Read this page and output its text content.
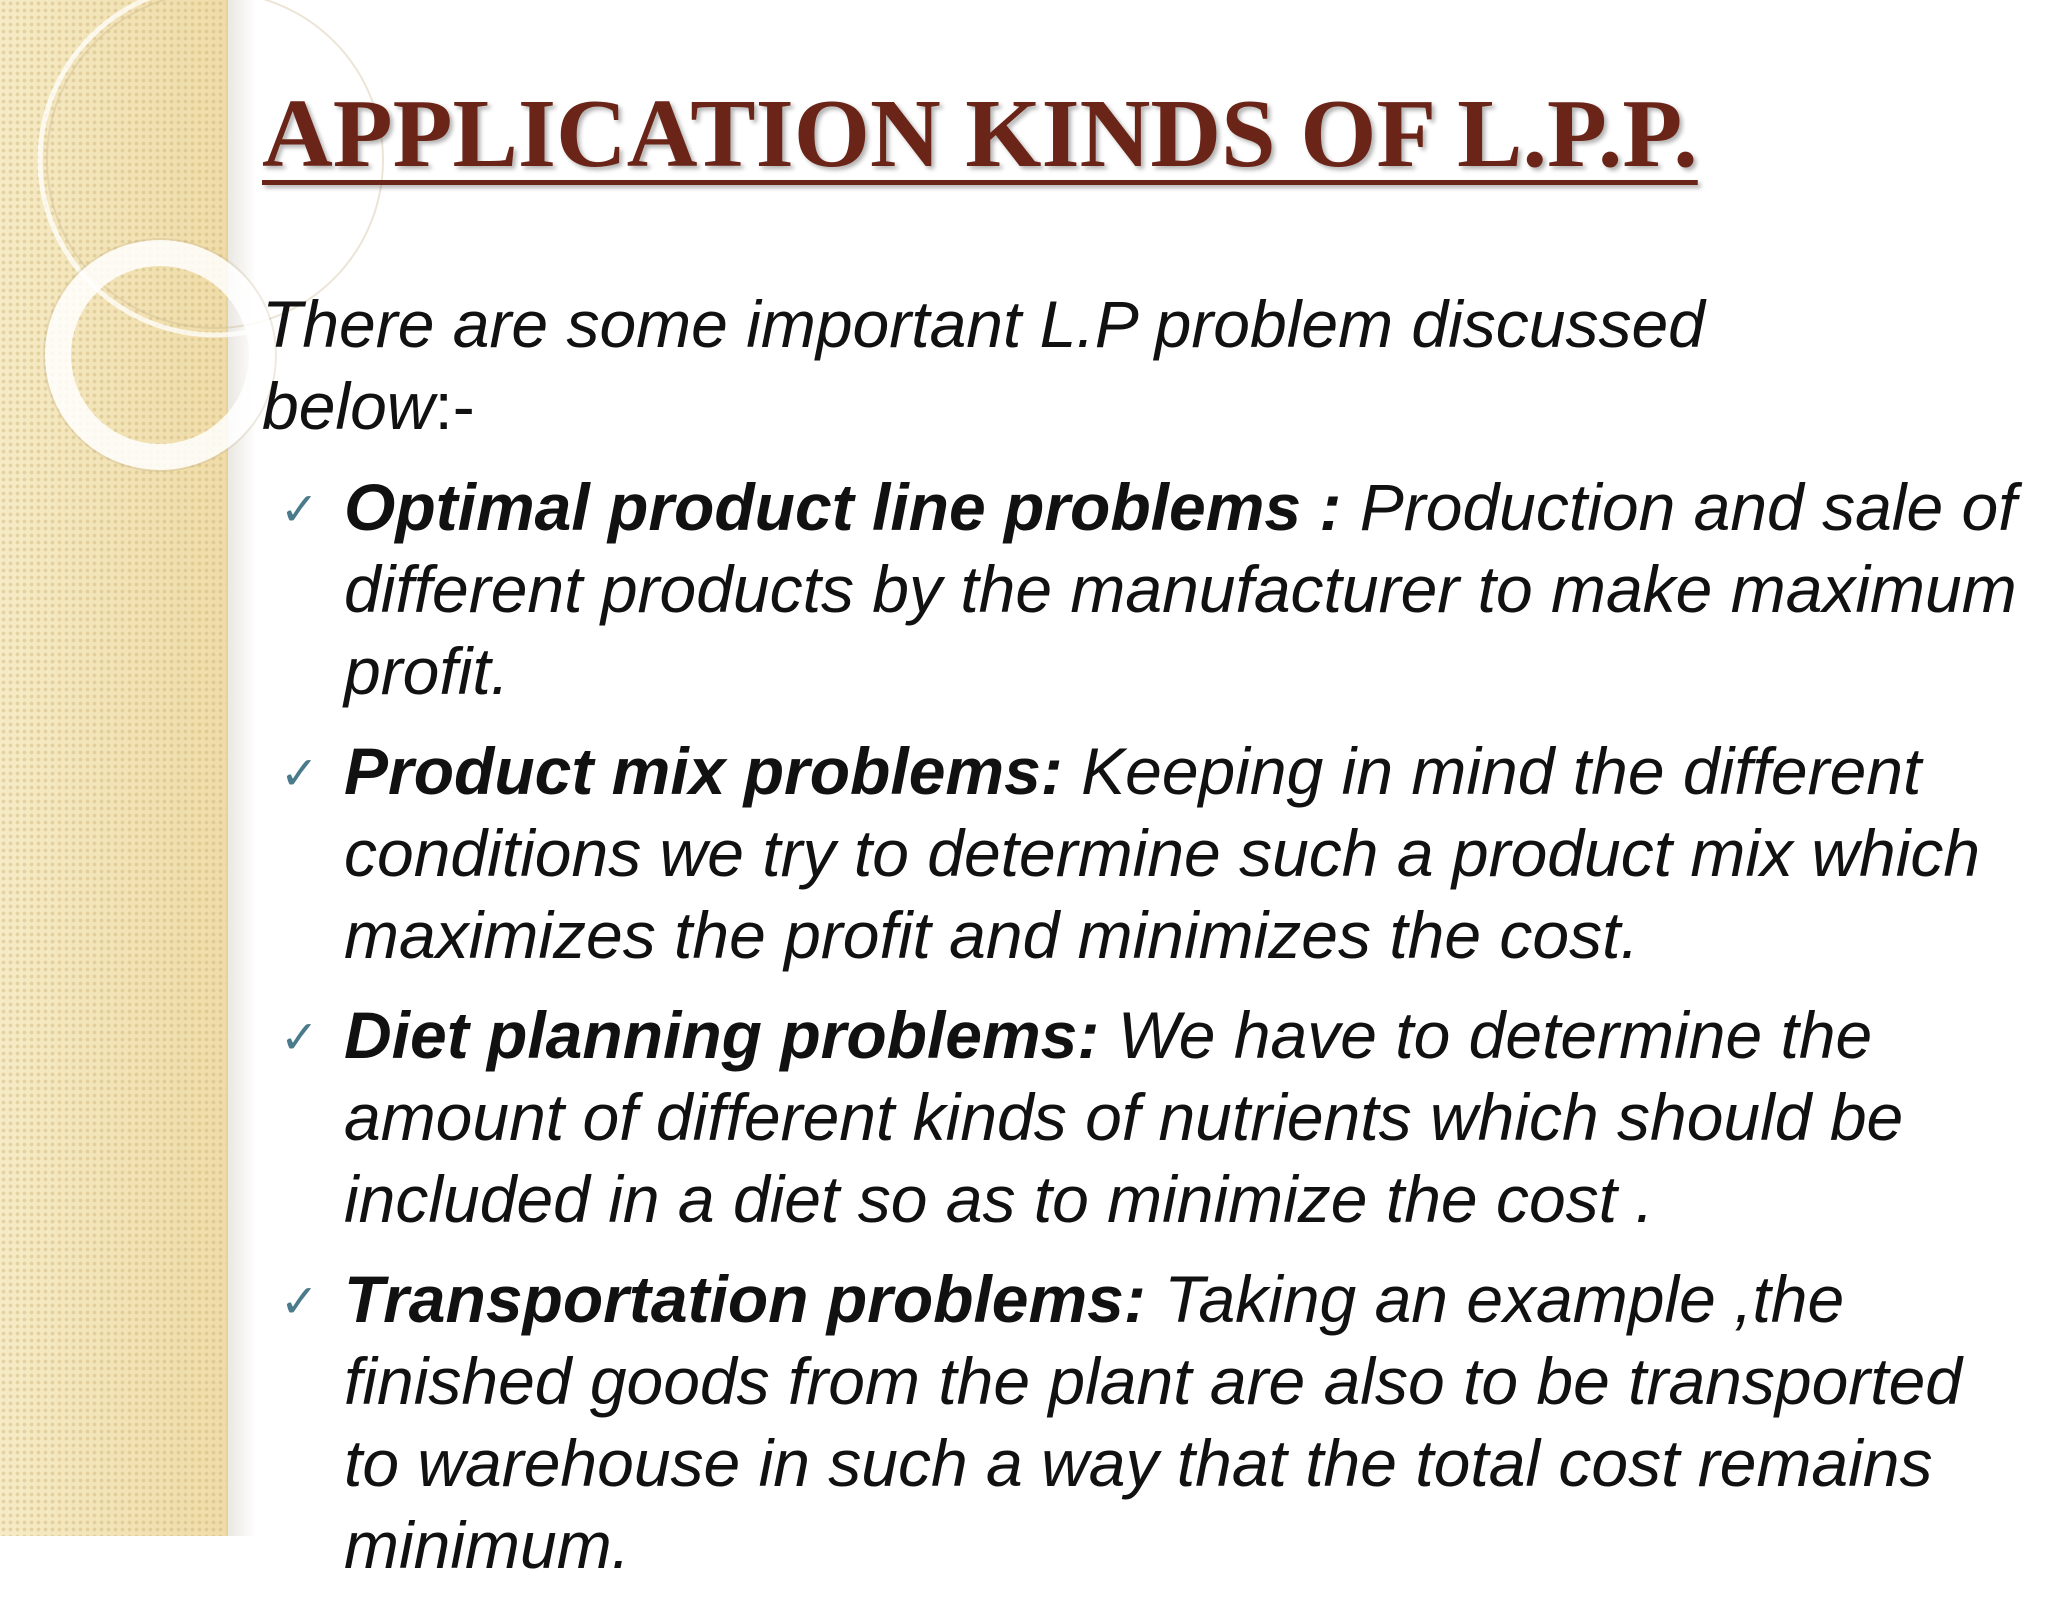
APPLICATION KINDS OF L.P.P.

There are some important L.P problem discussed below:-

✓ Optimal product line problems : Production and sale of different products by the manufacturer to make maximum profit.
✓ Product mix problems: Keeping in mind the different conditions we try to determine such a product mix which maximizes the profit and minimizes the cost.
✓ Diet planning problems: We have to determine the amount of different kinds of nutrients which should be included in a diet so as to minimize the cost .
✓ Transportation problems: Taking an example ,the finished goods from the plant are also to be transported to warehouse in such a way that the total cost remains minimum.
